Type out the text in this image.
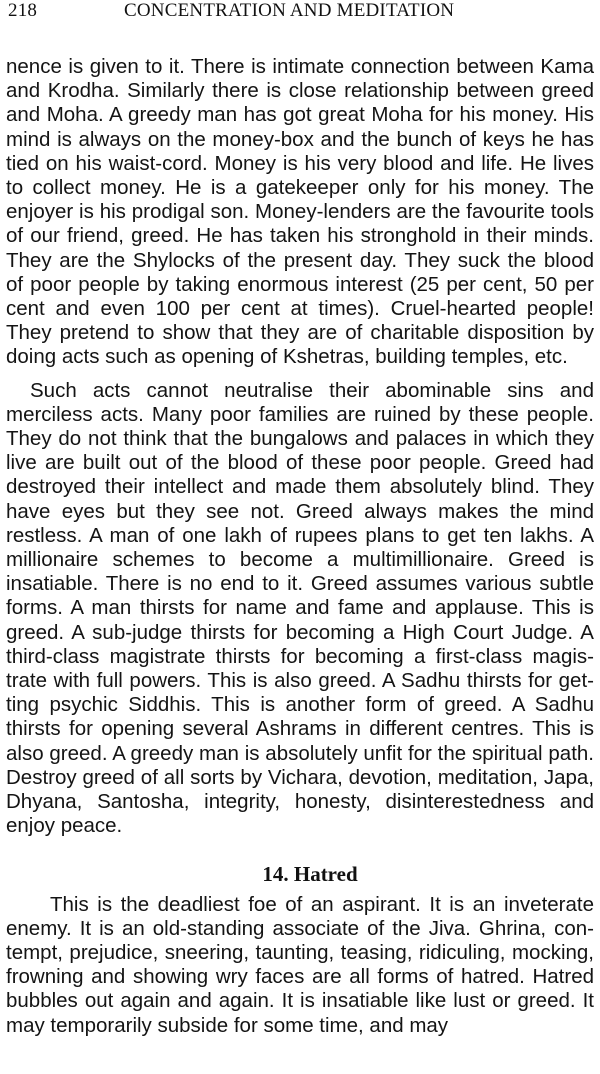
218	CONCENTRATION AND MEDITATION

nence is given to it. There is intimate connection between Kama and Krodha. Similarly there is close relationship between greed and Moha. A greedy man has got great Moha for his money. His mind is always on the money-box and the bunch of keys he has tied on his waist-cord. Money is his very blood and life. He lives to collect money. He is a gatekeeper only for his money. The enjoyer is his prodigal son. Money-lenders are the favourite tools of our friend, greed. He has taken his stronghold in their minds. They are the Shylocks of the present day. They suck the blood of poor people by taking enormous interest (25 per cent, 50 per cent and even 100 per cent at times). Cruel-hearted people! They pretend to show that they are of charitable disposition by doing acts such as opening of Kshetras, building temples, etc.

Such acts cannot neutralise their abominable sins and merciless acts. Many poor families are ruined by these people. They do not think that the bungalows and palaces in which they live are built out of the blood of these poor people. Greed had destroyed their intellect and made them absolutely blind. They have eyes but they see not. Greed always makes the mind restless. A man of one lakh of rupees plans to get ten lakhs. A millionaire schemes to become a multimillionaire. Greed is insatiable. There is no end to it. Greed assumes various subtle forms. A man thirsts for name and fame and applause. This is greed. A sub-judge thirsts for becoming a High Court Judge. A third-class magistrate thirsts for becoming a first-class magistrate with full powers. This is also greed. A Sadhu thirsts for getting psychic Siddhis. This is another form of greed. A Sadhu thirsts for opening several Ashrams in different centres. This is also greed. A greedy man is absolutely unfit for the spiritual path. Destroy greed of all sorts by Vichara, devotion, meditation, Japa, Dhyana, Santosha, integrity, honesty, disinterestedness and enjoy peace.

14. Hatred

This is the deadliest foe of an aspirant. It is an inveterate enemy. It is an old-standing associate of the Jiva. Ghrina, contempt, prejudice, sneering, taunting, teasing, ridiculing, mocking, frowning and showing wry faces are all forms of hatred. Hatred bubbles out again and again. It is insatiable like lust or greed. It may temporarily subside for some time, and may
